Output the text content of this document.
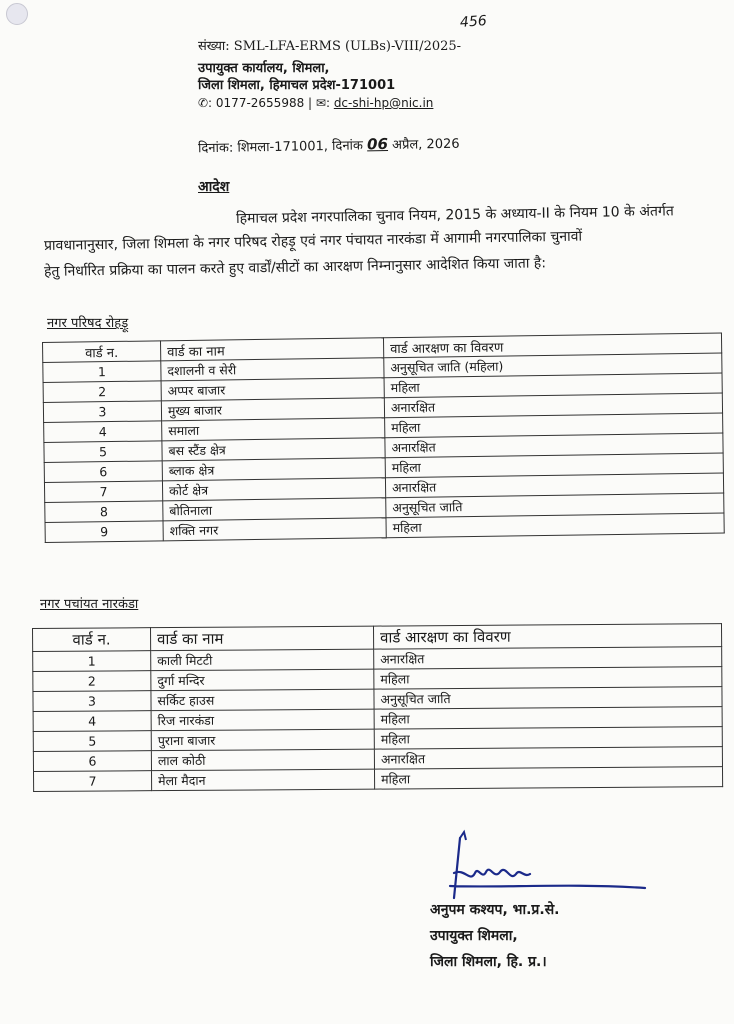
संख्या: SML-LFA-ERMS (ULBs)-VIII/2025-
456
उपायुक्त कार्यालय, शिमला,
जिला शिमला, हिमाचल प्रदेश-171001
✆: 0177-2655988 | ✉: dc-shi-hp@nic.in
दिनांक: शिमला-171001, दिनांक 06 अप्रैल, 2026
आदेश
हिमाचल प्रदेश नगरपालिका चुनाव नियम, 2015 के अध्याय-II के नियम 10 के अंतर्गत
प्रावधानानुसार, जिला शिमला के नगर परिषद रोहड़ू एवं नगर पंचायत नारकंडा में आगामी नगरपालिका चुनावों
हेतु निर्धारित प्रक्रिया का पालन करते हुए वार्डों/सीटों का आरक्षण निम्नानुसार आदेशित किया जाता है:
नगर परिषद रोहड़ू
वार्ड न.	वार्ड का नाम	वार्ड आरक्षण का विवरण
1	दशालनी व सेरी	अनुसूचित जाति (महिला)
2	अप्पर बाजार	महिला
3	मुख्य बाजार	अनारक्षित
4	समाला	महिला
5	बस स्टैंड क्षेत्र	अनारक्षित
6	ब्लाक क्षेत्र	महिला
7	कोर्ट क्षेत्र	अनारक्षित
8	बोतिनाला	अनुसूचित जाति
9	शक्ति नगर	महिला
नगर पचांयत नारकंडा
वार्ड न.	वार्ड का नाम	वार्ड आरक्षण का विवरण
1	काली मिटटी	अनारक्षित
2	दुर्गा मन्दिर	महिला
3	सर्किट हाउस	अनुसूचित जाति
4	रिज नारकंडा	महिला
5	पुराना बाजार	महिला
6	लाल कोठी	अनारक्षित
7	मेला मैदान	महिला
अनुपम कश्यप, भा.प्र.से.
उपायुक्त शिमला,
जिला शिमला, हि. प्र.।
